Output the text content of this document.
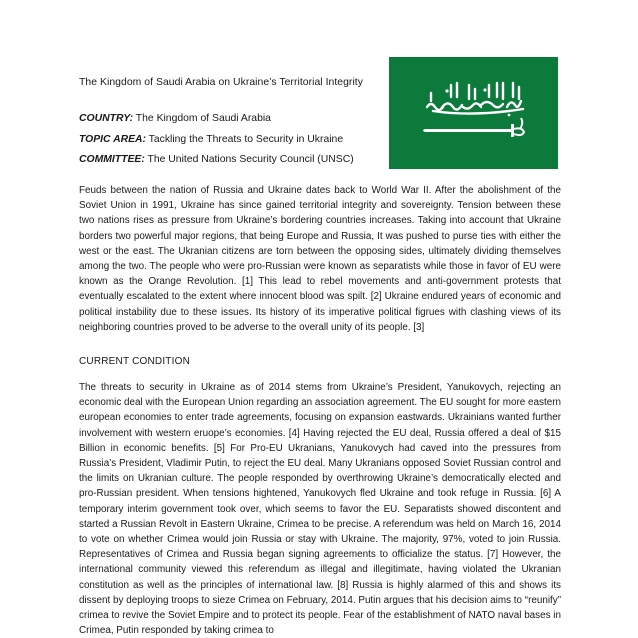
The Kingdom of Saudi Arabia on Ukraine’s Territorial Integrity
COUNTRY: The Kingdom of Saudi Arabia
TOPIC AREA: Tackling the Threats to Security in Ukraine
COMMITTEE: The United Nations Security Council (UNSC)

Feuds between the nation of Russia and Ukraine dates back to World War II. After the abolishment of the Soviet Union in 1991, Ukraine has since gained territorial integrity and sovereignty. Tension between these two nations rises as pressure from Ukraine’s bordering countries increases. Taking into account that Ukraine borders two powerful major regions, that being Europe and Russia, It was pushed to purse ties with either the west or the east. The Ukranian citizens are torn between the opposing sides, ultimately dividing themselves among the two. The people who were pro-Russian were known as separatists while those in favor of EU were known as the Orange Revolution. [1] This lead to rebel movements and anti-government protests that eventually escalated to the extent where innocent blood was spilt. [2] Ukraine endured years of economic and political instability due to these issues. Its history of its imperative political figrues with clashing views of its neighboring countries proved to be adverse to the overall unity of its people. [3]

CURRENT CONDITION

The threats to security in Ukraine as of 2014 stems from Ukraine’s President, Yanukovych, rejecting an economic deal with the European Union regarding an association agreement. The EU sought for more eastern european economies to enter trade agreements, focusing on expansion eastwards. Ukrainians wanted further involvement with western eruope’s economies. [4] Having rejected the EU deal, Russia offered a deal of $15 Billion in economic benefits. [5] For Pro-EU Ukranians, Yanukovych had caved into the pressures from Russia’s President, Vladimir Putin, to reject the EU deal. Many Ukranians opposed Soviet Russian control and the limits on Ukranian culture. The people responded by overthrowing Ukraine’s democratically elected and pro-Russian president. When tensions hightened, Yanukovych fled Ukraine and took refuge in Russia. [6] A temporary interim government took over, which seems to favor the EU. Separatists showed discontent and started a Russian Revolt in Eastern Ukraine, Crimea to be precise. A referendum was held on March 16, 2014 to vote on whether Crimea would join Russia or stay with Ukraine. The majority, 97%, voted to join Russia. Representatives of Crimea and Russia began signing agreements to officialize the status. [7] However, the international community viewed this referendum as illegal and illegitimate, having violated the Ukranian constitution as well as the principles of international law. [8] Russia is highly alarmed of this and shows its dissent by deploying troops to sieze Crimea on February, 2014. Putin argues that his decision aims to “reunify” crimea to revive the Soviet Empire and to protect its people. Fear of the establishment of NATO naval bases in Crimea, Putin responded by taking crimea to
